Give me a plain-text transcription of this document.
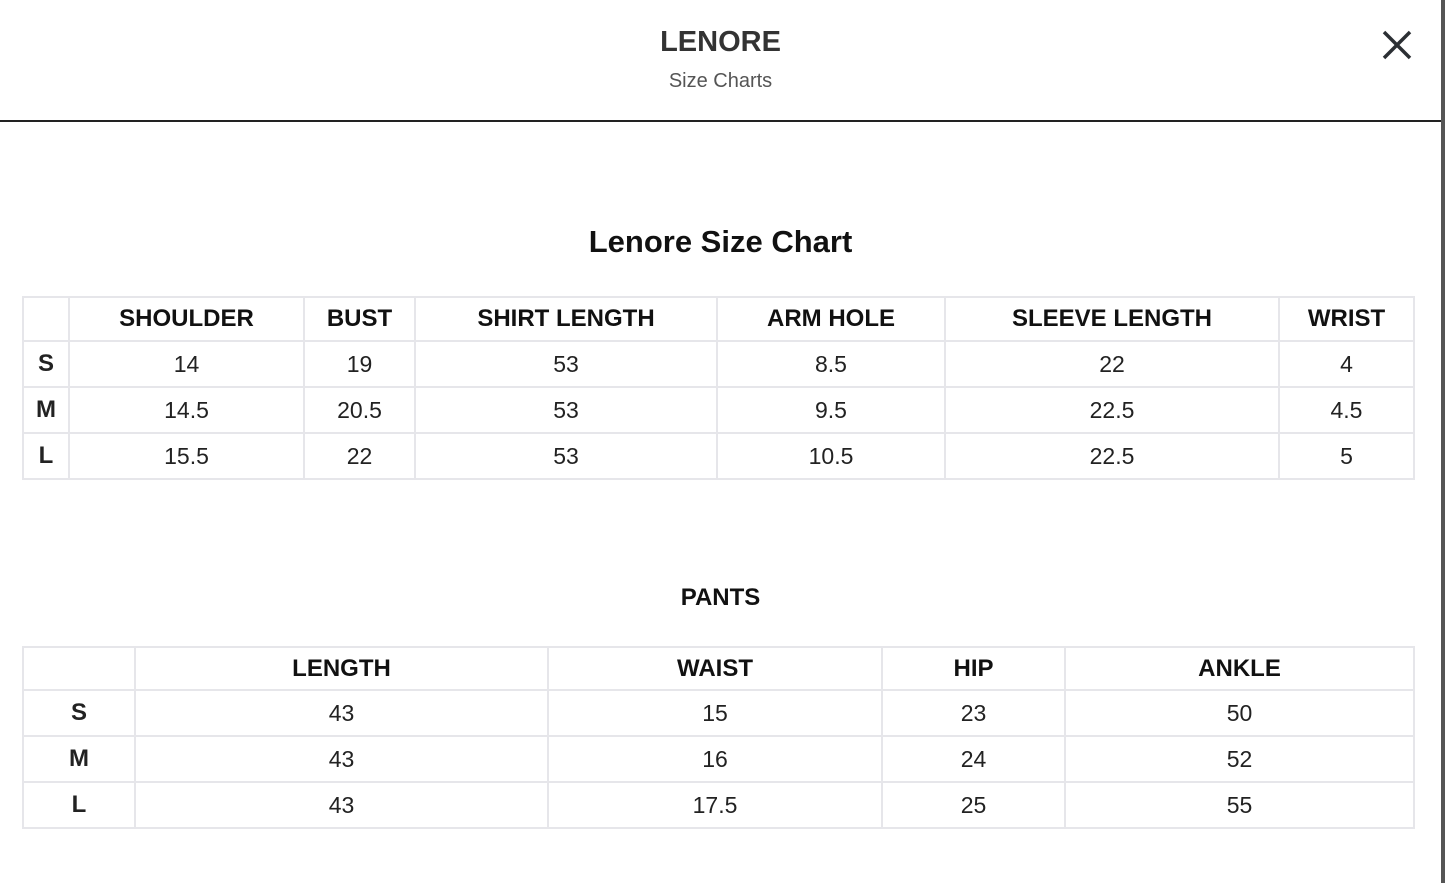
LENORE
Size Charts
Lenore Size Chart
	SHOULDER	BUST	SHIRT LENGTH	ARM HOLE	SLEEVE LENGTH	WRIST
S	14	19	53	8.5	22	4
M	14.5	20.5	53	9.5	22.5	4.5
L	15.5	22	53	10.5	22.5	5
PANTS
	LENGTH	WAIST	HIP	ANKLE
S	43	15	23	50
M	43	16	24	52
L	43	17.5	25	55
